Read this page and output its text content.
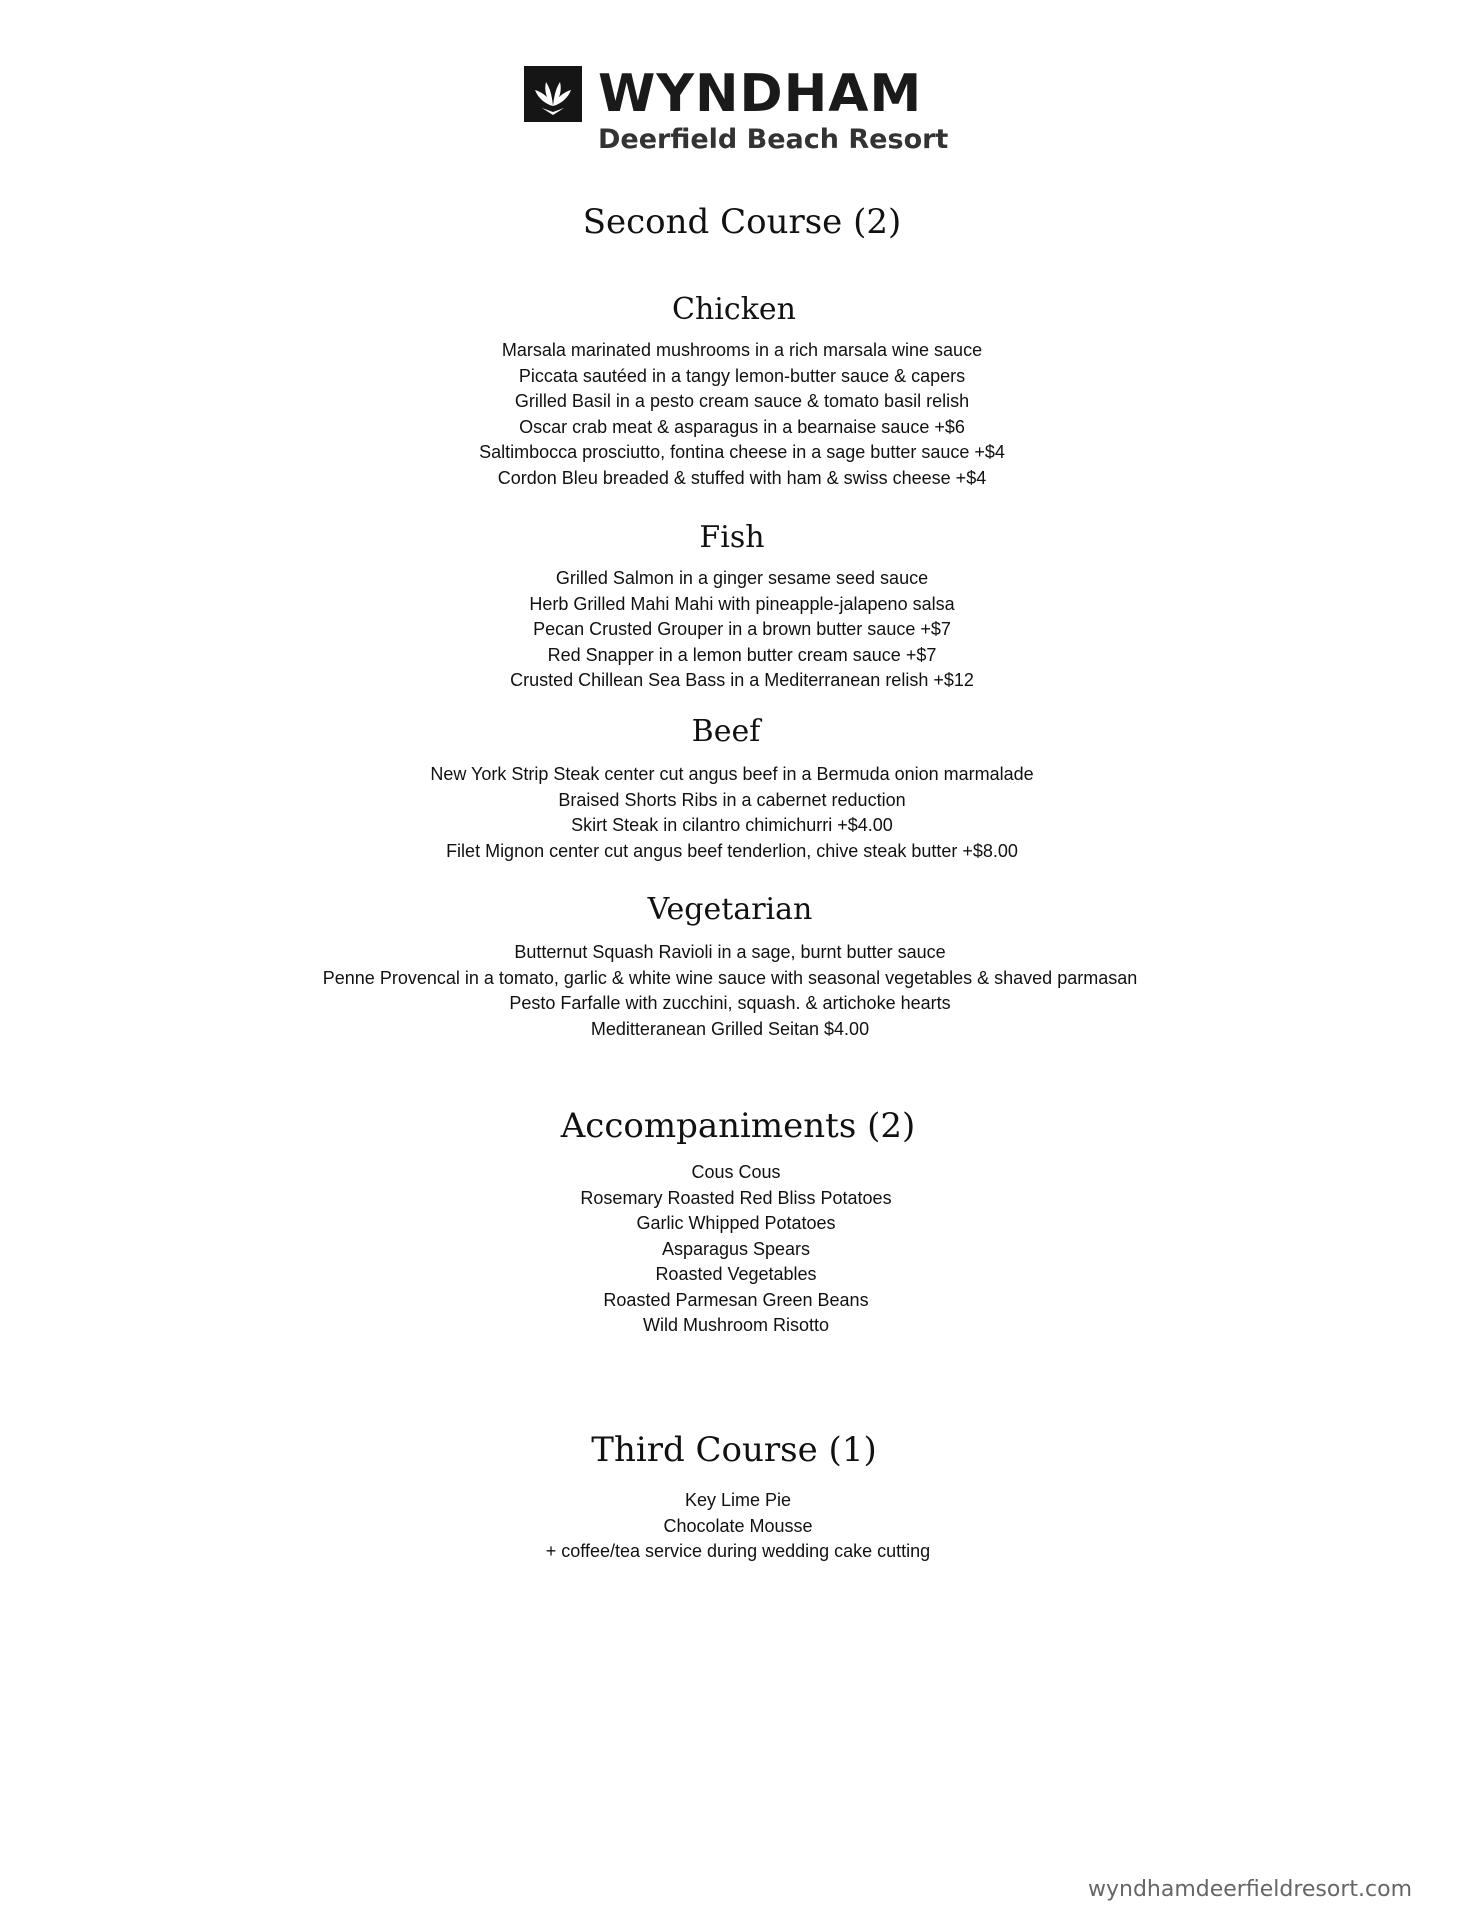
WYNDHAM
Deerfield Beach Resort
Second Course (2)
Chicken
Marsala marinated mushrooms in a rich marsala wine sauce
Piccata sautéed in a tangy lemon-butter sauce & capers
Grilled Basil in a pesto cream sauce & tomato basil relish
Oscar crab meat & asparagus in a bearnaise sauce +$6
Saltimbocca prosciutto, fontina cheese in a sage butter sauce +$4
Cordon Bleu breaded & stuffed with ham & swiss cheese +$4
Fish
Grilled Salmon in a ginger sesame seed sauce
Herb Grilled Mahi Mahi with pineapple-jalapeno salsa
Pecan Crusted Grouper in a brown butter sauce +$7
Red Snapper in a lemon butter cream sauce +$7
Crusted Chillean Sea Bass in a Mediterranean relish +$12
Beef
New York Strip Steak center cut angus beef in a Bermuda onion marmalade
Braised Shorts Ribs in a cabernet reduction
Skirt Steak in cilantro chimichurri +$4.00
Filet Mignon center cut angus beef tenderlion, chive steak butter +$8.00
Vegetarian
Butternut Squash Ravioli in a sage, burnt butter sauce
Penne Provencal in a tomato, garlic & white wine sauce with seasonal vegetables & shaved parmasan
Pesto Farfalle with zucchini, squash. & artichoke hearts
Meditteranean Grilled Seitan $4.00
Accompaniments (2)
Cous Cous
Rosemary Roasted Red Bliss Potatoes
Garlic Whipped Potatoes
Asparagus Spears
Roasted Vegetables
Roasted Parmesan Green Beans
Wild Mushroom Risotto
Third Course (1)
Key Lime Pie
Chocolate Mousse
+ coffee/tea service during wedding cake cutting
wyndhamdeerfieldresort.com
